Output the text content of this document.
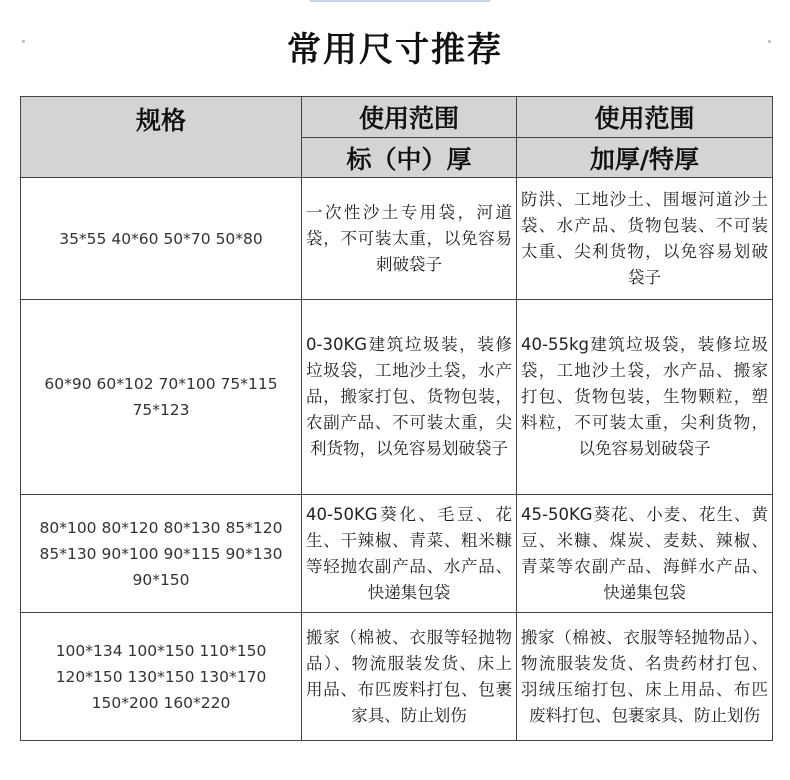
常用尺寸推荐
规格	使用范围	使用范围
	标（中）厚	加厚/特厚
35*55 40*60 50*70 50*80	一次性沙土专用袋，河道袋，不可装太重，以免容易刺破袋子	防洪、工地沙土、围堰河道沙土袋、水产品、货物包装、不可装太重、尖利货物，以免容易划破袋子
60*90 60*102 70*100 75*115 75*123	0-30KG建筑垃圾装，装修垃圾袋，工地沙土袋，水产品，搬家打包、货物包装，农副产品、不可装太重，尖利货物，以免容易划破袋子	40-55kg建筑垃圾袋，装修垃圾袋，工地沙土袋，水产品、搬家打包、货物包装，生物颗粒，塑料粒，不可装太重，尖利货物，以免容易划破袋子
80*100 80*120 80*130 85*120 85*130 90*100 90*115 90*130 90*150	40-50KG葵化、毛豆、花生、干辣椒、青菜、粗米糠等轻抛农副产品、水产品、快递集包袋	45-50KG葵花、小麦、花生、黄豆、米糠、煤炭、麦麸、辣椒、青菜等农副产品、海鲜水产品、快递集包袋
100*134 100*150 110*150 120*150 130*150 130*170 150*200 160*220	搬家（棉被、衣服等轻抛物品）、物流服装发货、床上用品、布匹废料打包、包裹家具、防止划伤	搬家（棉被、衣服等轻抛物品）、物流服装发货、名贵药材打包、羽绒压缩打包、床上用品、布匹废料打包、包裹家具、防止划伤
